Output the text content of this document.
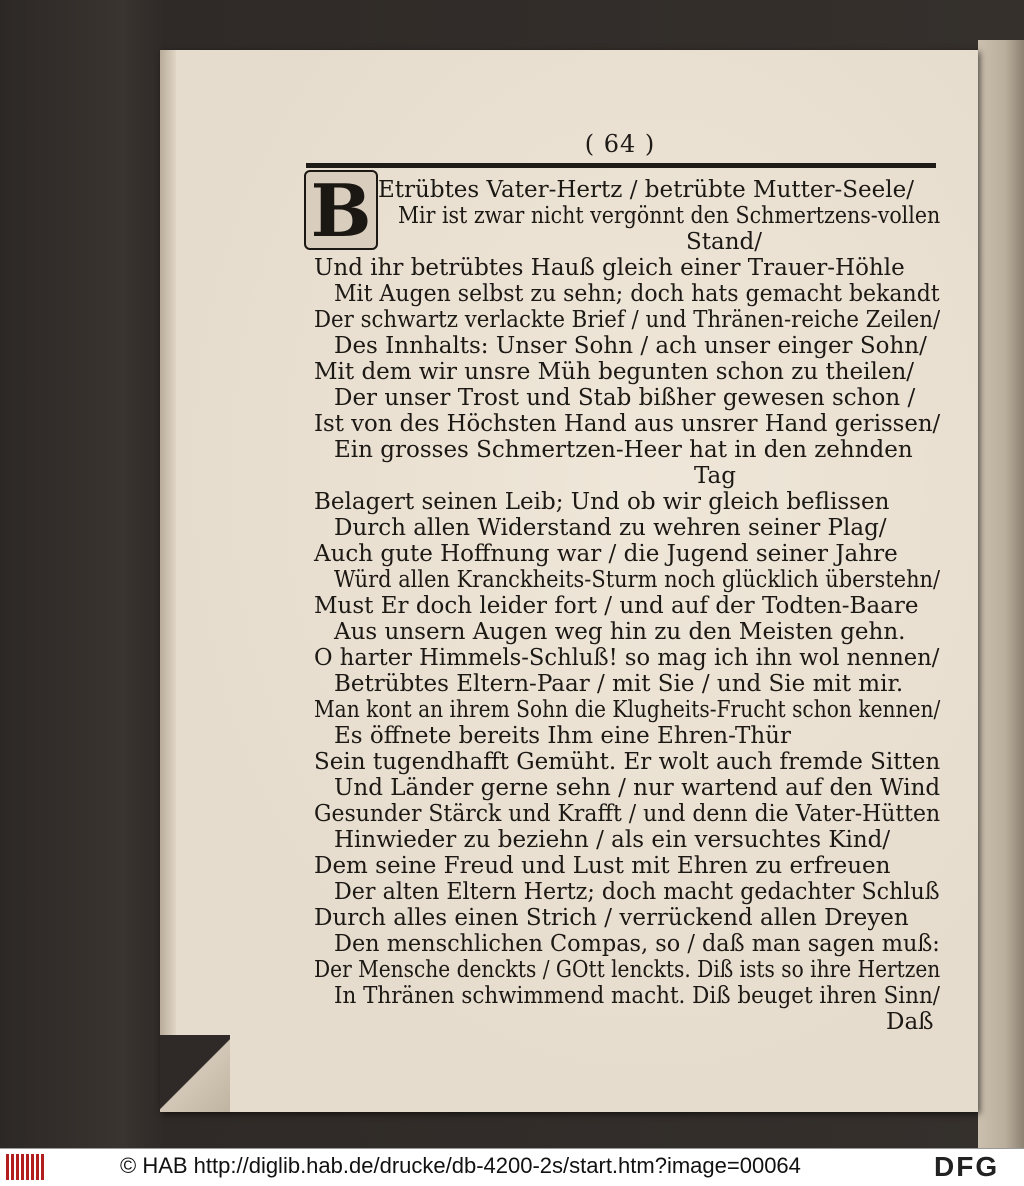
( 64 )
B Etrübtes Vater-Hertz / betrübte Mutter-Seele/
Mir ist zwar nicht vergönnt den Schmertzens-vollen
Stand/
Und ihr betrübtes Hauß gleich einer Trauer-Höhle
Mit Augen selbst zu sehn; doch hats gemacht bekandt
Der schwartz verlackte Brief / und Thränen-reiche Zeilen/
Des Innhalts: Unser Sohn / ach unser einger Sohn/
Mit dem wir unsre Müh begunten schon zu theilen/
Der unser Trost und Stab bißher gewesen schon /
Ist von des Höchsten Hand aus unsrer Hand gerissen/
Ein grosses Schmertzen-Heer hat in den zehnden
Tag
Belagert seinen Leib; Und ob wir gleich beflissen
Durch allen Widerstand zu wehren seiner Plag/
Auch gute Hoffnung war / die Jugend seiner Jahre
Würd allen Kranckheits-Sturm noch glücklich überstehn/
Must Er doch leider fort / und auf der Todten-Baare
Aus unsern Augen weg hin zu den Meisten gehn.
O harter Himmels-Schluß! so mag ich ihn wol nennen/
Betrübtes Eltern-Paar / mit Sie / und Sie mit mir.
Man kont an ihrem Sohn die Klugheits-Frucht schon kennen/
Es öffnete bereits Ihm eine Ehren-Thür
Sein tugendhafft Gemüht. Er wolt auch fremde Sitten
Und Länder gerne sehn / nur wartend auf den Wind
Gesunder Stärck und Krafft / und denn die Vater-Hütten
Hinwieder zu beziehn / als ein versuchtes Kind/
Dem seine Freud und Lust mit Ehren zu erfreuen
Der alten Eltern Hertz; doch macht gedachter Schluß
Durch alles einen Strich / verrückend allen Dreyen
Den menschlichen Compas, so / daß man sagen muß:
Der Mensche denckts / GOtt lenckts. Diß ists so ihre Hertzen
In Thränen schwimmend macht. Diß beuget ihren Sinn/
Daß
© HAB http://diglib.hab.de/drucke/db-4200-2s/start.htm?image=00064	DFG
